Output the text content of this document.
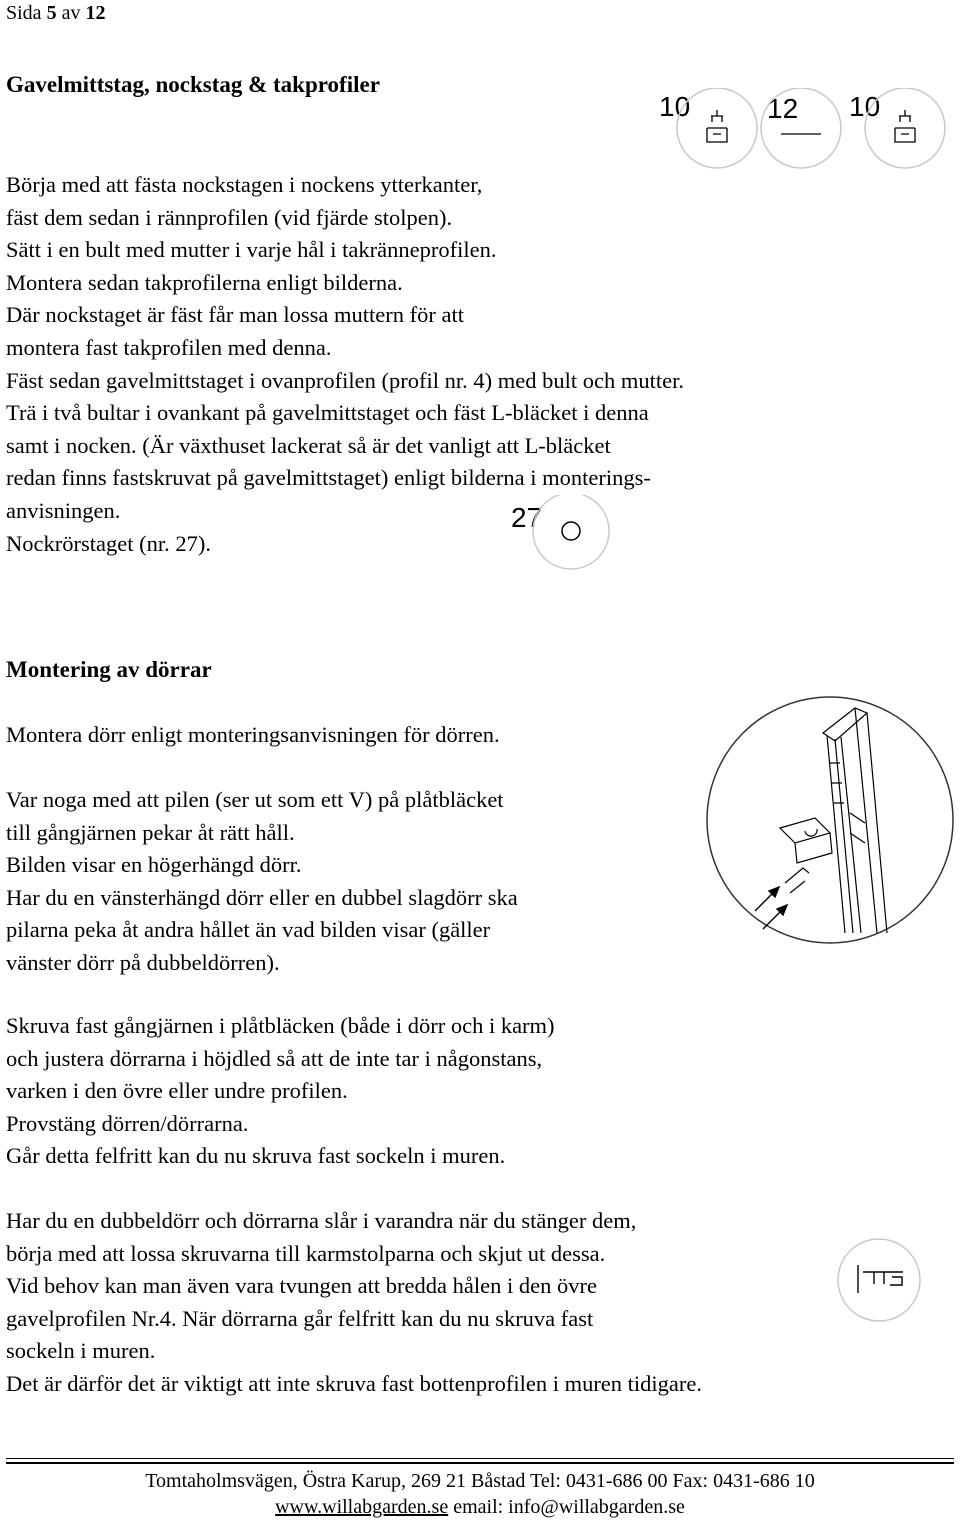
Sida 5 av 12
Gavelmittstag, nockstag & takprofiler
10	12 10
Börja med att fästa nockstagen i nockens ytterkanter,
fäst dem sedan i rännprofilen (vid fjärde stolpen).
Sätt i en bult med mutter i varje hål i takränneprofilen.
Montera sedan takprofilerna enligt bilderna.
Där nockstaget är fäst får man lossa muttern för att
montera fast takprofilen med denna.
Fäst sedan gavelmittstaget i ovanprofilen (profil nr. 4) med bult och mutter.
Trä i två bultar i ovankant på gavelmittstaget och fäst L-bläcket i denna
samt i nocken. (Är växthuset lackerat så är det vanligt att L-bläcket
redan finns fastskruvat på gavelmittstaget) enligt bilderna i monterings-
anvisningen.
Nockrörstaget (nr. 27).
27
Montering av dörrar
Montera dörr enligt monteringsanvisningen för dörren.
Var noga med att pilen (ser ut som ett V) på plåtbläcket
till gångjärnen pekar åt rätt håll.
Bilden visar en högerhängd dörr.
Har du en vänsterhängd dörr eller en dubbel slagdörr ska
pilarna peka åt andra hållet än vad bilden visar (gäller
vänster dörr på dubbeldörren).
Skruva fast gångjärnen i plåtbläcken (både i dörr och i karm)
och justera dörrarna i höjdled så att de inte tar i någonstans,
varken i den övre eller undre profilen.
Provstäng dörren/dörrarna.
Går detta felfritt kan du nu skruva fast sockeln i muren.
Har du en dubbeldörr och dörrarna slår i varandra när du stänger dem,
börja med att lossa skruvarna till karmstolparna och skjut ut dessa.
Vid behov kan man även vara tvungen att bredda hålen i den övre
gavelprofilen Nr.4. När dörrarna går felfritt kan du nu skruva fast
sockeln i muren.
Det är därför det är viktigt att inte skruva fast bottenprofilen i muren tidigare.
Tomtaholmsvägen, Östra Karup, 269 21 Båstad Tel: 0431-686 00 Fax: 0431-686 10
www.willabgarden.se email: info@willabgarden.se
